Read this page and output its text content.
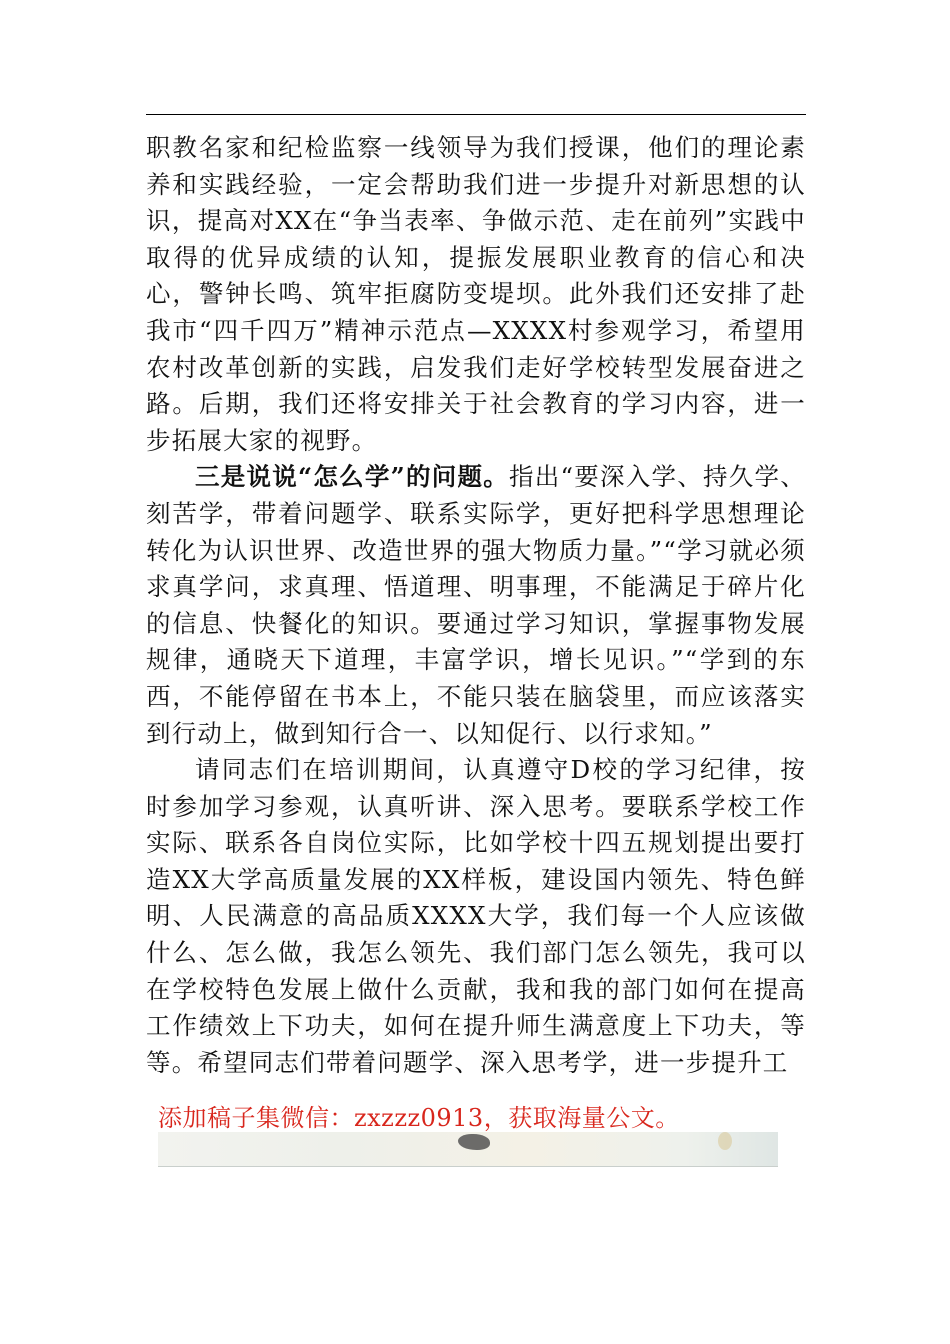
职教名家和纪检监察一线领导为我们授课，他们的理论素养和实践经验，一定会帮助我们进一步提升对新思想的认识，提高对XX在“争当表率、争做示范、走在前列”实践中取得的优异成绩的认知，提振发展职业教育的信心和决心，警钟长鸣、筑牢拒腐防变堤坝。此外我们还安排了赴我市“四千四万”精神示范点—XXXX村参观学习，希望用农村改革创新的实践，启发我们走好学校转型发展奋进之路。后期，我们还将安排关于社会教育的学习内容，进一步拓展大家的视野。

三是说说“怎么学”的问题。指出“要深入学、持久学、刻苦学，带着问题学、联系实际学，更好把科学思想理论转化为认识世界、改造世界的强大物质力量。”“学习就必须求真学问，求真理、悟道理、明事理，不能满足于碎片化的信息、快餐化的知识。要通过学习知识，掌握事物发展规律，通晓天下道理，丰富学识，增长见识。”“学到的东西，不能停留在书本上，不能只装在脑袋里，而应该落实到行动上，做到知行合一、以知促行、以行求知。”

请同志们在培训期间，认真遵守D校的学习纪律，按时参加学习参观，认真听讲、深入思考。要联系学校工作实际、联系各自岗位实际，比如学校十四五规划提出要打造XX大学高质量发展的XX样板，建设国内领先、特色鲜明、人民满意的高品质XXXX大学，我们每一个人应该做什么、怎么做，我怎么领先、我们部门怎么领先，我可以在学校特色发展上做什么贡献，我和我的部门如何在提高工作绩效上下功夫，如何在提升师生满意度上下功夫，等等。希望同志们带着问题学、深入思考学，进一步提升工

添加稿子集微信：zxzzz0913，获取海量公文。
